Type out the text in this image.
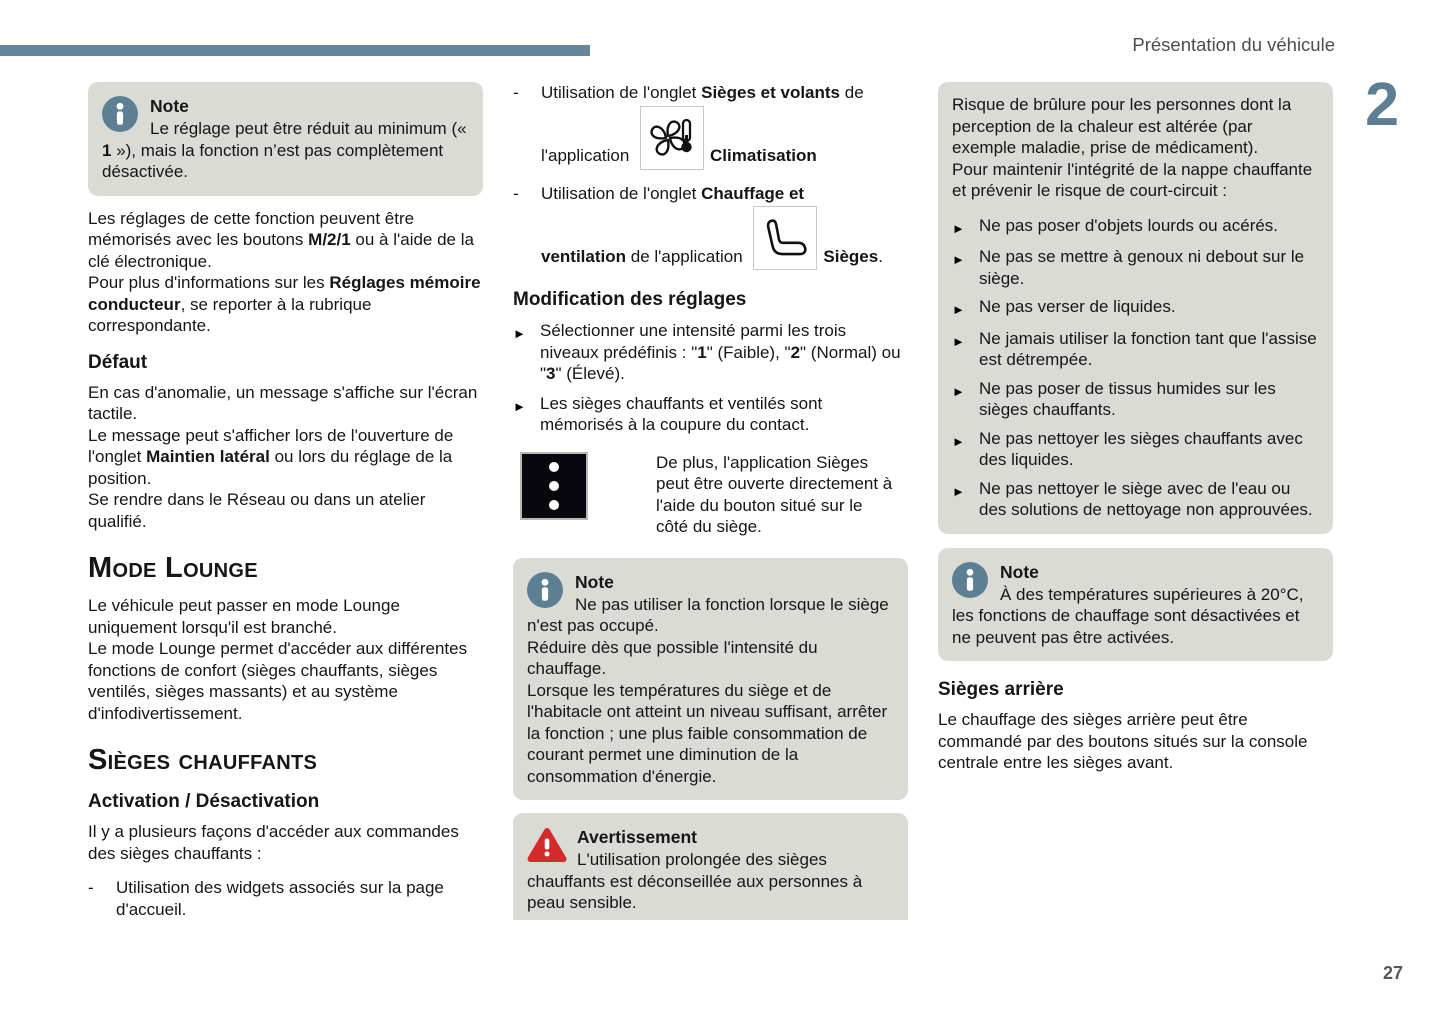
Présentation du véhicule
2
27
Note
Le réglage peut être réduit au minimum (« 1 »), mais la fonction n’est pas complètement désactivée.
Les réglages de cette fonction peuvent être mémorisés avec les boutons M/2/1 ou à l'aide de la clé électronique.
Pour plus d'informations sur les Réglages mémoire conducteur, se reporter à la rubrique correspondante.
Défaut
En cas d'anomalie, un message s'affiche sur l'écran tactile.
Le message peut s'afficher lors de l'ouverture de l'onglet Maintien latéral ou lors du réglage de la position.
Se rendre dans le Réseau ou dans un atelier qualifié.
Mode Lounge
Le véhicule peut passer en mode Lounge uniquement lorsqu'il est branché.
Le mode Lounge permet d'accéder aux différentes fonctions de confort (sièges chauffants, sièges ventilés, sièges massants) et au système d'infodivertissement.
Sièges chauffants
Activation / Désactivation
Il y a plusieurs façons d'accéder aux commandes des sièges chauffants :
-	Utilisation des widgets associés sur la page d'accueil.
-	Utilisation de l'onglet Sièges et volants de
l'application	Climatisation
-	Utilisation de l'onglet Chauffage et
ventilation de l'application	Sièges.
Modification des réglages
► Sélectionner une intensité parmi les trois niveaux prédéfinis : "1" (Faible), "2" (Normal) ou "3" (Élevé).
► Les sièges chauffants et ventilés sont mémorisés à la coupure du contact.
De plus, l'application Sièges peut être ouverte directement à l'aide du bouton situé sur le côté du siège.
Note
Ne pas utiliser la fonction lorsque le siège n'est pas occupé.
Réduire dès que possible l'intensité du chauffage.
Lorsque les températures du siège et de l'habitacle ont atteint un niveau suffisant, arrêter la fonction ; une plus faible consommation de courant permet une diminution de la consommation d'énergie.
Avertissement
L'utilisation prolongée des sièges chauffants est déconseillée aux personnes à peau sensible.
Risque de brûlure pour les personnes dont la perception de la chaleur est altérée (par exemple maladie, prise de médicament).
Pour maintenir l'intégrité de la nappe chauffante et prévenir le risque de court-circuit :
► Ne pas poser d'objets lourds ou acérés.
► Ne pas se mettre à genoux ni debout sur le siège.
► Ne pas verser de liquides.
► Ne jamais utiliser la fonction tant que l'assise est détrempée.
► Ne pas poser de tissus humides sur les sièges chauffants.
► Ne pas nettoyer les sièges chauffants avec des liquides.
► Ne pas nettoyer le siège avec de l'eau ou des solutions de nettoyage non approuvées.
Note
À des températures supérieures à 20°C, les fonctions de chauffage sont désactivées et ne peuvent pas être activées.
Sièges arrière
Le chauffage des sièges arrière peut être commandé par des boutons situés sur la console centrale entre les sièges avant.
